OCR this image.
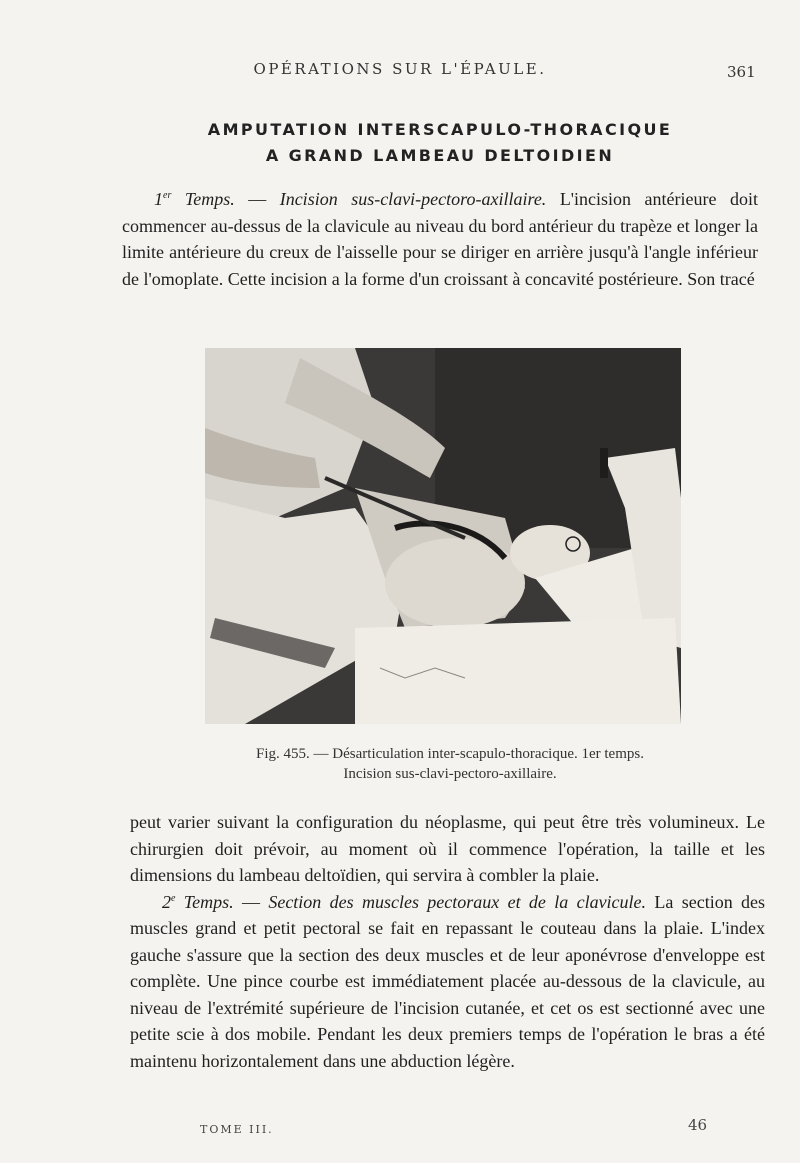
OPÉRATIONS SUR L'ÉPAULE.	361
AMPUTATION INTERSCAPULO-THORACIQUE
A GRAND LAMBEAU DELTOIDIEN

1er Temps. — Incision sus-clavi-pectoro-axillaire. L'incision antérieure doit commencer au-dessus de la clavicule au niveau du bord antérieur du trapèze et longer la limite antérieure du creux de l'aisselle pour se diriger en arrière jusqu'à l'angle inférieur de l'omoplate. Cette incision a la forme d'un croissant à concavité postérieure. Son tracé

Fig. 455. — Désarticulation inter-scapulo-thoracique. 1er temps.
Incision sus-clavi-pectoro-axillaire.

peut varier suivant la configuration du néoplasme, qui peut être très volumineux. Le chirurgien doit prévoir, au moment où il commence l'opération, la taille et les dimensions du lambeau deltoïdien, qui servira à combler la plaie.

2e Temps. — Section des muscles pectoraux et de la clavicule. La section des muscles grand et petit pectoral se fait en repassant le couteau dans la plaie. L'index gauche s'assure que la section des deux muscles et de leur aponévrose d'enveloppe est complète. Une pince courbe est immédiatement placée au-dessous de la clavicule, au niveau de l'extrémité supérieure de l'incision cutanée, et cet os est sectionné avec une petite scie à dos mobile. Pendant les deux premiers temps de l'opération le bras a été maintenu horizontalement dans une abduction légère.

TOME III.	46
